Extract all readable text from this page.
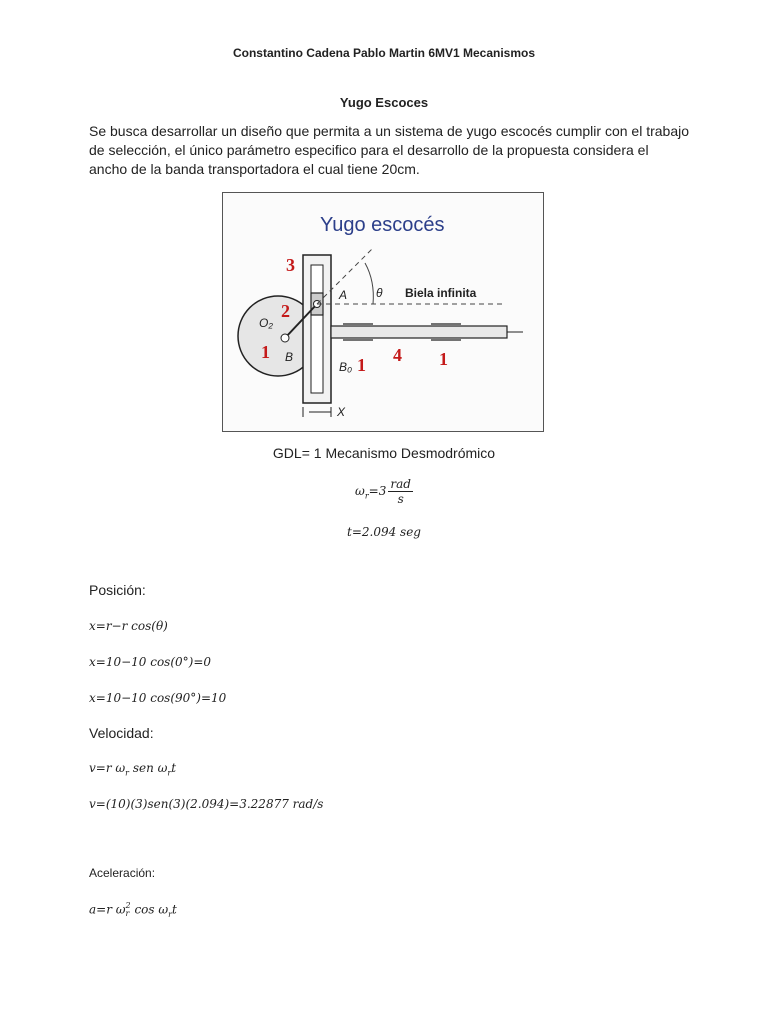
Constantino Cadena Pablo Martin 6MV1 Mecanismos
Yugo Escoces
Se busca desarrollar un diseño que permita a un sistema de yugo escocés cumplir con el trabajo de selección, el único parámetro especifico para el desarrollo de la propuesta considera el ancho de la banda transportadora el cual tiene 20cm.
Yugo escocés
3
2
1
1 4 1
A
B
B₀
O₂
θ Biela infinita
X
GDL= 1 Mecanismo Desmodrómico
$\omega_r=3 \frac{\text{rad}}{s}$
t=2.094 seg
Posición:
x=r−r cos(θ)
x=10−10 cos(0°)=0
x=10−10 cos(90°)=10
Velocidad:
v=r $\omega_r$ sen $\omega_rt$
v=(10)(3)sen(3)(2.094)=3.22877 rad/s
Aceleración:
a=r ω 2
r $\cos \omega_rt$
